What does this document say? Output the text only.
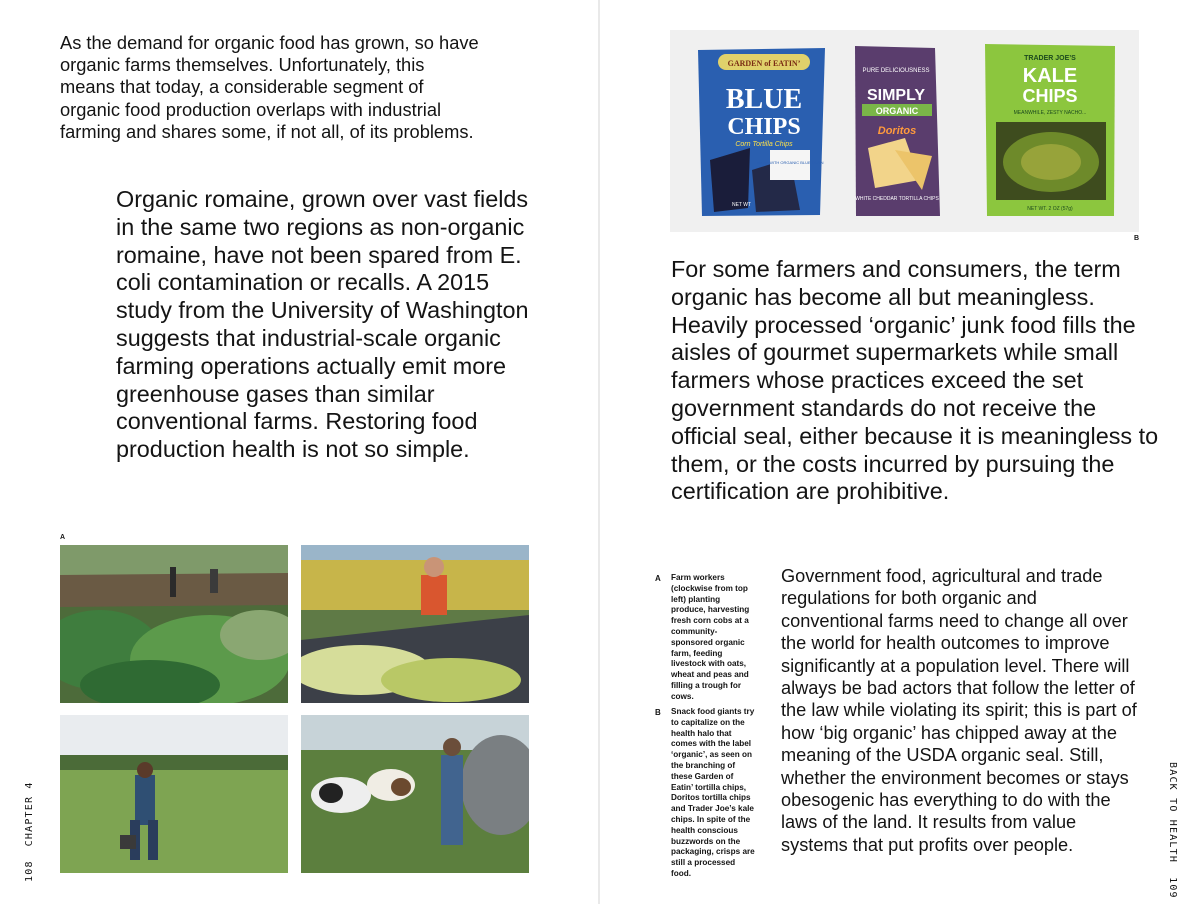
As the demand for organic food has grown, so have organic farms themselves. Unfortunately, this means that today, a considerable segment of organic food production overlaps with industrial farming and shares some, if not all, of its problems.

Organic romaine, grown over vast fields in the same two regions as non-organic romaine, have not been spared from E. coli contamination or recalls. A 2015 study from the University of Washington suggests that industrial-scale organic farming operations actually emit more greenhouse gases than similar conventional farms. Restoring food production health is not so simple.

A
108CHAPTER 4
GARDEN of EATIN’
BLUE
CHIPS
Corn Tortilla Chips
MADE WITH ORGANIC BLUE CORN
NET WT
PURE DELICIOUSNESS
SIMPLY
ORGANIC
Doritos
WHITE CHEDDAR TORTILLA CHIPS
TRADER JOE’S
KALE
CHIPS
MEANWHILE, ZESTY NACHO...
NET WT. 2 OZ (57g)
B

For some farmers and consumers, the term organic has become all but meaningless. Heavily processed ‘organic’ junk food fills the aisles of gourmet supermarkets while small farmers whose practices exceed the set government standards do not receive the official seal, either because it is meaningless to them, or the costs incurred by pursuing the certification are prohibitive.

A Farm workers (clockwise from top left) planting produce, harvesting fresh corn cobs at a community-sponsored organic farm, feeding livestock with oats, wheat and peas and filling a trough for cows.

B Snack food giants try to capitalize on the health halo that comes with the label ‘organic’, as seen on the branching of these Garden of Eatin’ tortilla chips, Doritos tortilla chips and Trader Joe’s kale chips. In spite of the health conscious buzzwords on the packaging, crisps are still a processed food.

Government food, agricultural and trade regulations for both organic and conventional farms need to change all over the world for health outcomes to improve significantly at a population level. There will always be bad actors that follow the letter of the law while violating its spirit; this is part of how ‘big organic’ has chipped away at the meaning of the USDA organic seal. Still, whether the environment becomes or stays obesogenic has everything to do with the laws of the land. It results from value systems that put profits over people.	BACK TO HEALTH109
